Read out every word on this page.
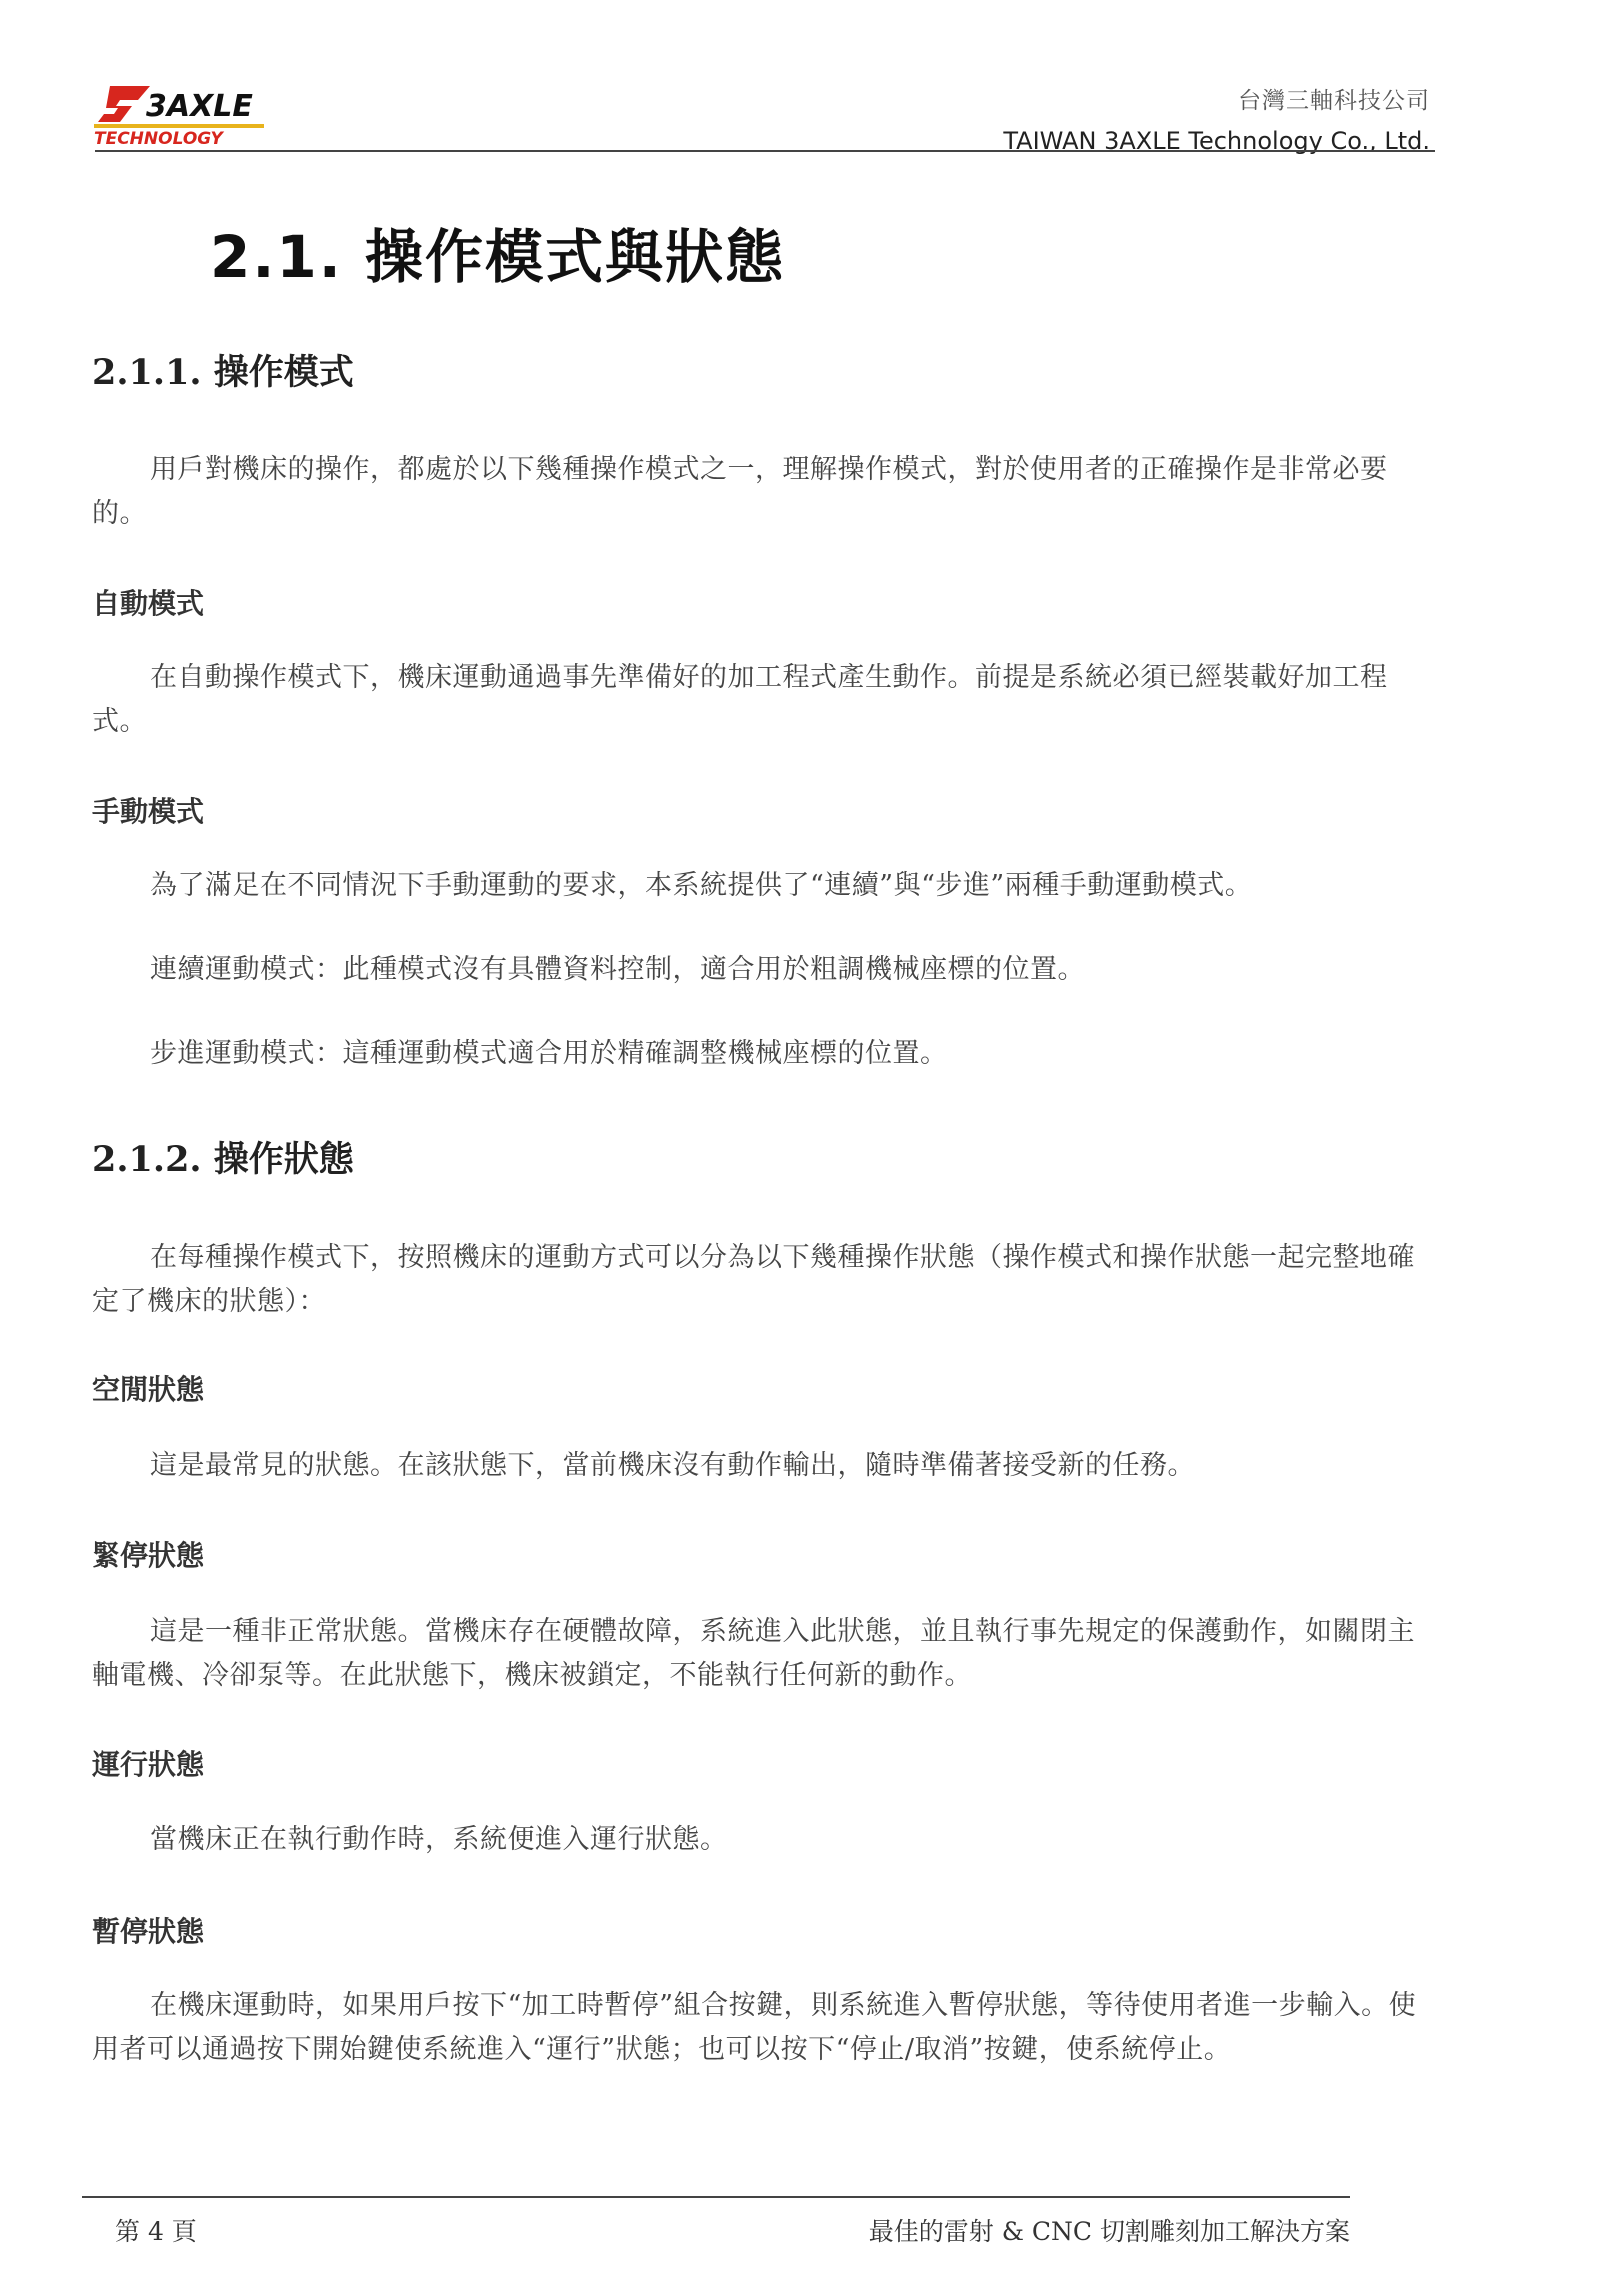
3AXLE
TECHNOLOGY
台灣三軸科技公司
TAIWAN 3AXLE Technology Co., Ltd.
2.1. 操作模式與狀態
2.1.1. 操作模式
用戶對機床的操作，都處於以下幾種操作模式之一，理解操作模式，對於使用者的正確操作是非常必要的。
自動模式
在自動操作模式下，機床運動通過事先準備好的加工程式產生動作。前提是系統必須已經裝載好加工程式。
手動模式
為了滿足在不同情況下手動運動的要求，本系統提供了“連續”與“步進”兩種手動運動模式。
連續運動模式：此種模式沒有具體資料控制，適合用於粗調機械座標的位置。
步進運動模式：這種運動模式適合用於精確調整機械座標的位置。
2.1.2. 操作狀態
在每種操作模式下，按照機床的運動方式可以分為以下幾種操作狀態（操作模式和操作狀態一起完整地確定了機床的狀態）：
空閒狀態
這是最常見的狀態。在該狀態下，當前機床沒有動作輸出，隨時準備著接受新的任務。
緊停狀態
這是一種非正常狀態。當機床存在硬體故障，系統進入此狀態，並且執行事先規定的保護動作，如關閉主軸電機、冷卻泵等。在此狀態下，機床被鎖定，不能執行任何新的動作。
運行狀態
當機床正在執行動作時，系統便進入運行狀態。
暫停狀態
在機床運動時，如果用戶按下“加工時暫停”組合按鍵，則系統進入暫停狀態，等待使用者進一步輸入。使用者可以通過按下開始鍵使系統進入“運行”狀態；也可以按下“停止/取消”按鍵，使系統停止。
第 4 頁	最佳的雷射 & CNC 切割雕刻加工解決方案
